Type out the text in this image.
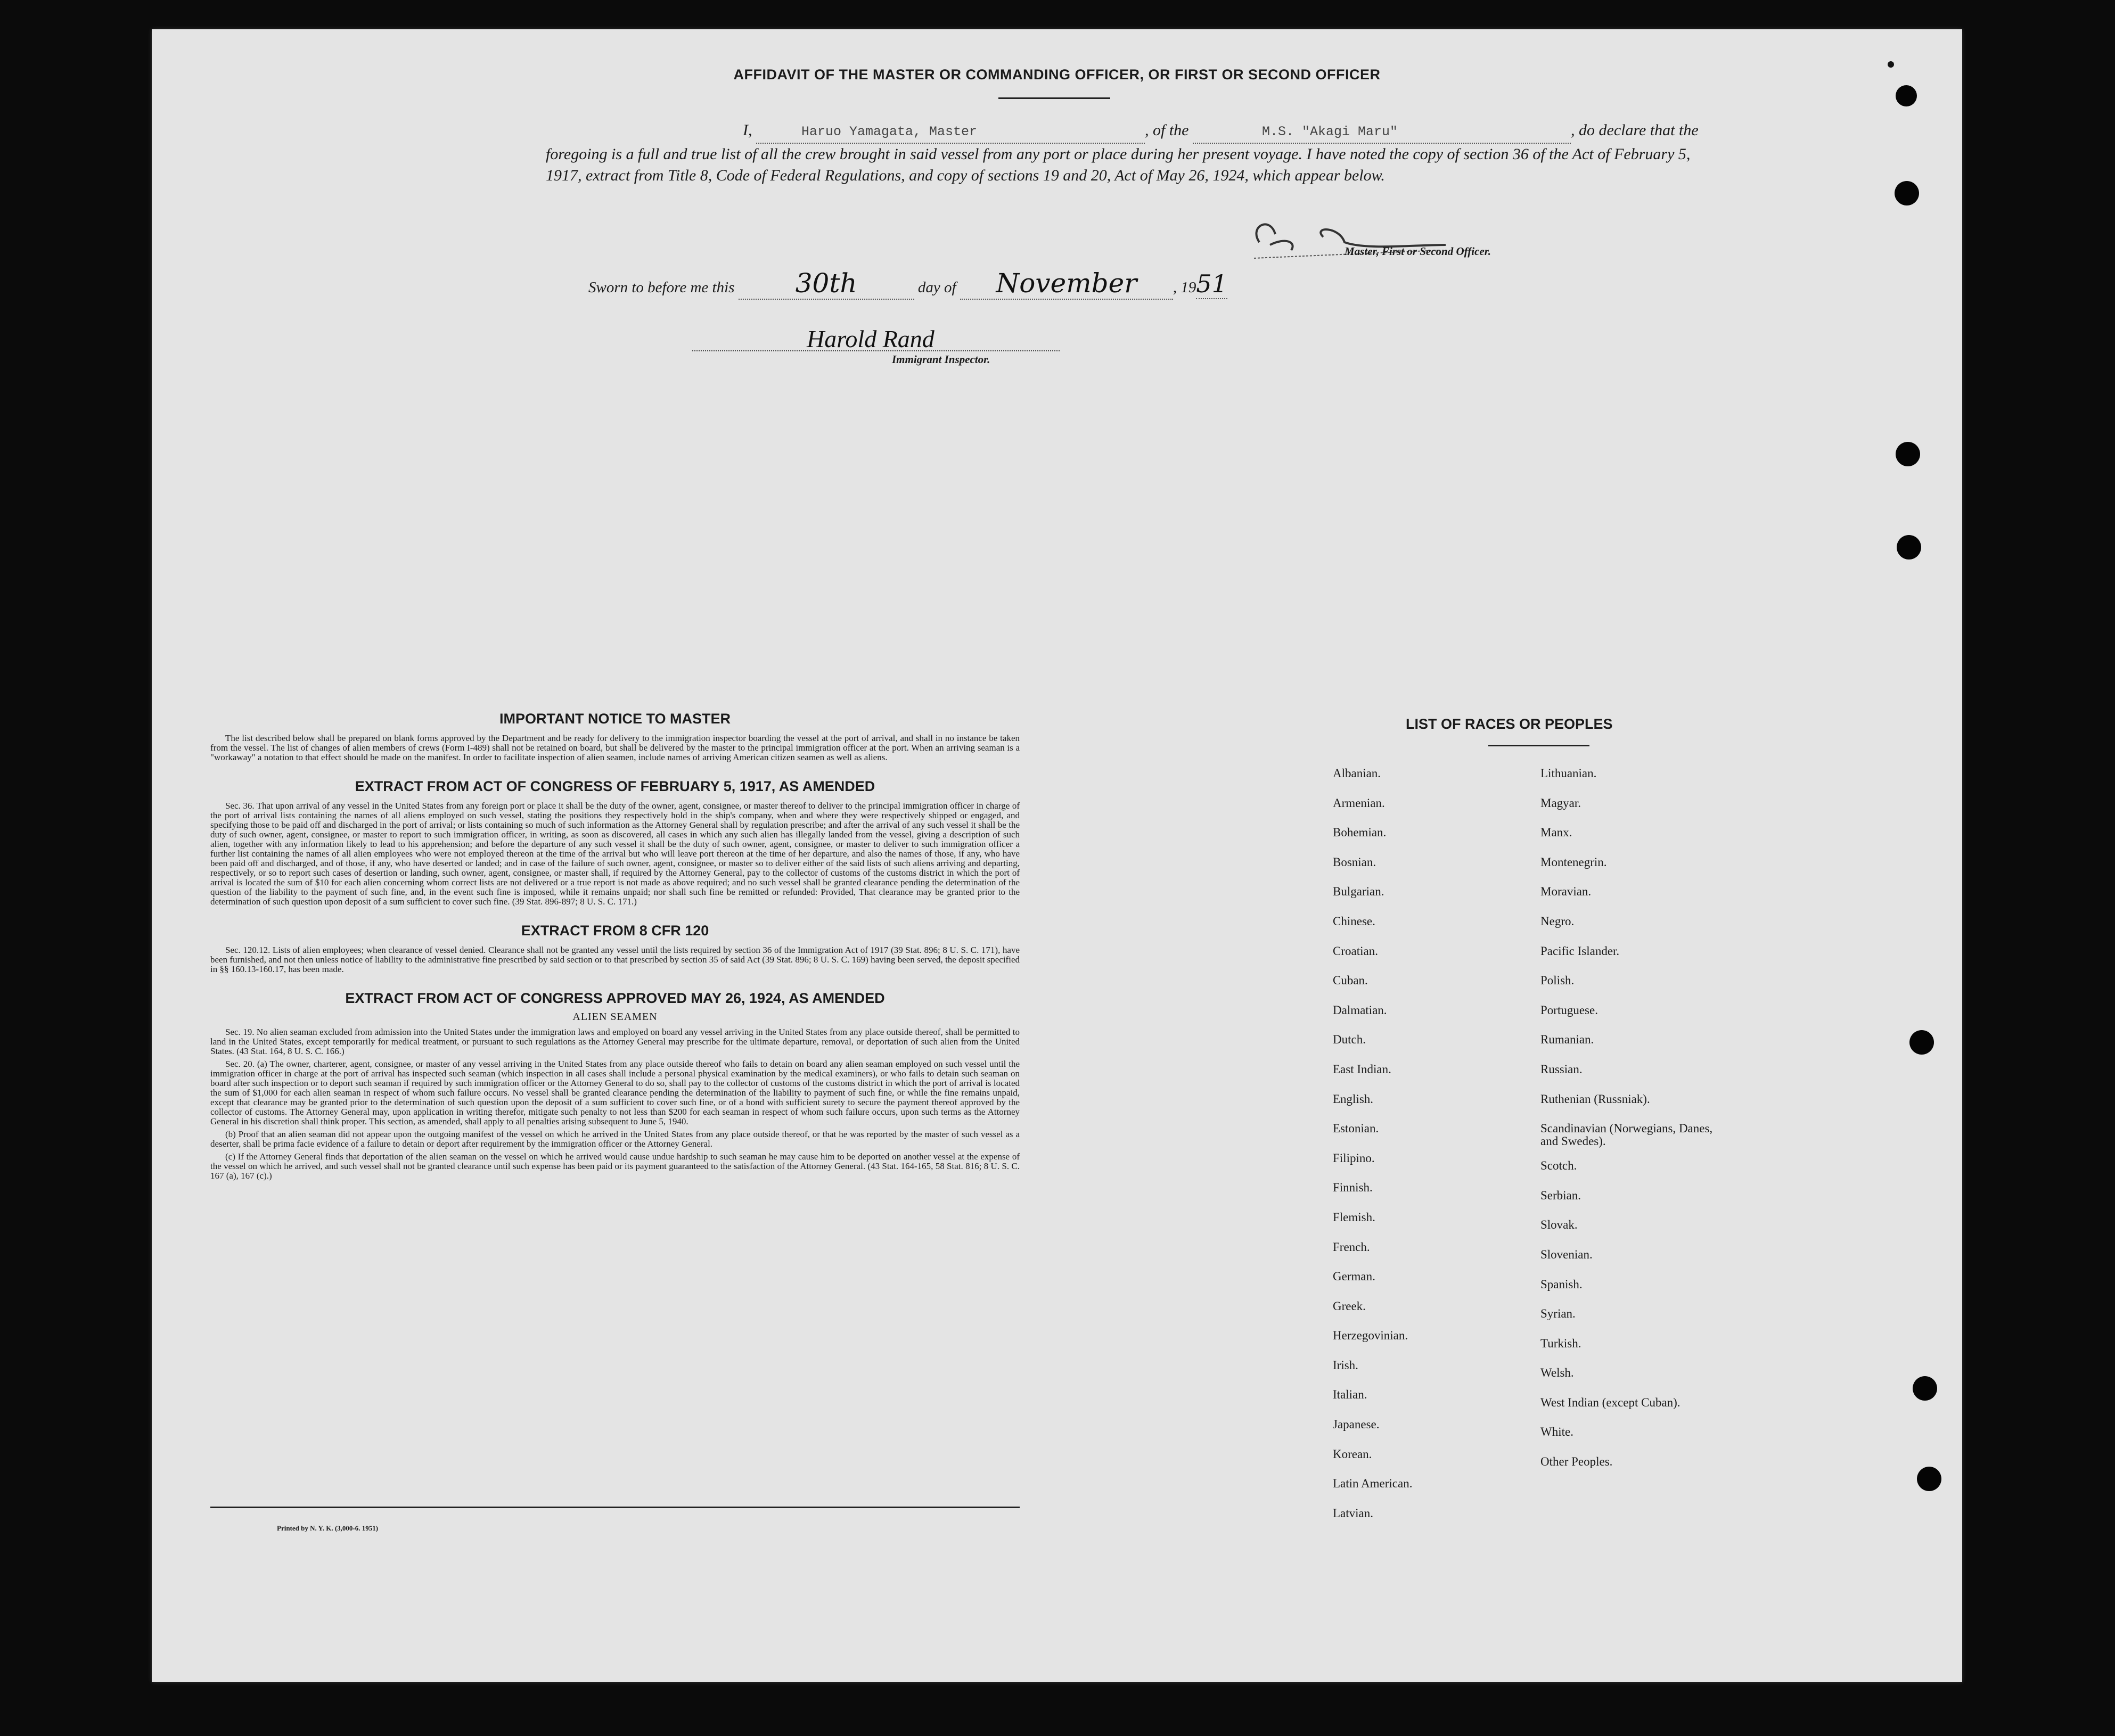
AFFIDAVIT OF THE MASTER OR COMMANDING OFFICER, OR FIRST OR SECOND OFFICER
I,	Haruo Yamagata, Master	, of the	M.S. "Akagi Maru"	, do declare that the foregoing is a full and true list of all the crew brought in said vessel from any port or place during her present voyage. I have noted the copy of section 36 of the Act of February 5, 1917, extract from Title 8, Code of Federal Regulations, and copy of sections 19 and 20, Act of May 26, 1924, which appear below.
Master, First or Second Officer.
Sworn to before me this 30th	day of November , 1951
Harold Rand
Immigrant Inspector.
IMPORTANT NOTICE TO MASTER

The list described below shall be prepared on blank forms approved by the Department and be ready for delivery to the immigration inspector boarding the vessel at the port of arrival, and shall in no instance be taken from the vessel. The list of changes of alien members of crews (Form I-489) shall not be retained on board, but shall be delivered by the master to the principal immigration officer at the port. When an arriving seaman is a "workaway" a notation to that effect should be made on the manifest. In order to facilitate inspection of alien seamen, include names of arriving American citizen seamen as well as aliens.

EXTRACT FROM ACT OF CONGRESS OF FEBRUARY 5, 1917, AS AMENDED

Sec. 36. That upon arrival of any vessel in the United States from any foreign port or place it shall be the duty of the owner, agent, consignee, or master thereof to deliver to the principal immigration officer in charge of the port of arrival lists containing the names of all aliens employed on such vessel, stating the positions they respectively hold in the ship's company, when and where they were respectively shipped or engaged, and specifying those to be paid off and discharged in the port of arrival; or lists containing so much of such information as the Attorney General shall by regulation prescribe; and after the arrival of any such vessel it shall be the duty of such owner, agent, consignee, or master to report to such immigration officer, in writing, as soon as discovered, all cases in which any such alien has illegally landed from the vessel, giving a description of such alien, together with any information likely to lead to his apprehension; and before the departure of any such vessel it shall be the duty of such owner, agent, consignee, or master to deliver to such immigration officer a further list containing the names of all alien employees who were not employed thereon at the time of the arrival but who will leave port thereon at the time of her departure, and also the names of those, if any, who have been paid off and discharged, and of those, if any, who have deserted or landed; and in case of the failure of such owner, agent, consignee, or master so to deliver either of the said lists of such aliens arriving and departing, respectively, or so to report such cases of desertion or landing, such owner, agent, consignee, or master shall, if required by the Attorney General, pay to the collector of customs of the customs district in which the port of arrival is located the sum of $10 for each alien concerning whom correct lists are not delivered or a true report is not made as above required; and no such vessel shall be granted clearance pending the determination of the question of the liability to the payment of such fine, and, in the event such fine is imposed, while it remains unpaid; nor shall such fine be remitted or refunded: Provided, That clearance may be granted prior to the determination of such question upon deposit of a sum sufficient to cover such fine. (39 Stat. 896-897; 8 U. S. C. 171.)

EXTRACT FROM 8 CFR 120

Sec. 120.12. Lists of alien employees; when clearance of vessel denied. Clearance shall not be granted any vessel until the lists required by section 36 of the Immigration Act of 1917 (39 Stat. 896; 8 U. S. C. 171), have been furnished, and not then unless notice of liability to the administrative fine prescribed by said section or to that prescribed by section 35 of said Act (39 Stat. 896; 8 U. S. C. 169) having been served, the deposit specified in §§ 160.13-160.17, has been made.

EXTRACT FROM ACT OF CONGRESS APPROVED MAY 26, 1924, AS AMENDED
ALIEN SEAMEN

Sec. 19. No alien seaman excluded from admission into the United States under the immigration laws and employed on board any vessel arriving in the United States from any place outside thereof, shall be permitted to land in the United States, except temporarily for medical treatment, or pursuant to such regulations as the Attorney General may prescribe for the ultimate departure, removal, or deportation of such alien from the United States. (43 Stat. 164, 8 U. S. C. 166.)

Sec. 20. (a) The owner, charterer, agent, consignee, or master of any vessel arriving in the United States from any place outside thereof who fails to detain on board any alien seaman employed on such vessel until the immigration officer in charge at the port of arrival has inspected such seaman (which inspection in all cases shall include a personal physical examination by the medical examiners), or who fails to detain such seaman on board after such inspection or to deport such seaman if required by such immigration officer or the Attorney General to do so, shall pay to the collector of customs of the customs district in which the port of arrival is located the sum of $1,000 for each alien seaman in respect of whom such failure occurs. No vessel shall be granted clearance pending the determination of the liability to payment of such fine, or while the fine remains unpaid, except that clearance may be granted prior to the determination of such question upon the deposit of a sum sufficient to cover such fine, or of a bond with sufficient surety to secure the payment thereof approved by the collector of customs. The Attorney General may, upon application in writing therefor, mitigate such penalty to not less than $200 for each seaman in respect of whom such failure occurs, upon such terms as the Attorney General in his discretion shall think proper. This section, as amended, shall apply to all penalties arising subsequent to June 5, 1940.

(b) Proof that an alien seaman did not appear upon the outgoing manifest of the vessel on which he arrived in the United States from any place outside thereof, or that he was reported by the master of such vessel as a deserter, shall be prima facie evidence of a failure to detain or deport after requirement by the immigration officer or the Attorney General.

(c) If the Attorney General finds that deportation of the alien seaman on the vessel on which he arrived would cause undue hardship to such seaman he may cause him to be deported on another vessel at the expense of the vessel on which he arrived, and such vessel shall not be granted clearance until such expense has been paid or its payment guaranteed to the satisfaction of the Attorney General. (43 Stat. 164-165, 58 Stat. 816; 8 U. S. C. 167 (a), 167 (c).)

Printed by N. Y. K. (3,000-6. 1951)
LIST OF RACES OR PEOPLES
Albanian.
Armenian.
Bohemian.
Bosnian.
Bulgarian.
Chinese.
Croatian.
Cuban.
Dalmatian.
Dutch.
East Indian.
English.
Estonian.
Filipino.
Finnish.
Flemish.
French.
German.
Greek.
Herzegovinian.
Irish.
Italian.
Japanese.
Korean.
Latin American.
Latvian.
Lithuanian.
Magyar.
Manx.
Montenegrin.
Moravian.
Negro.
Pacific Islander.
Polish.
Portuguese.
Rumanian.
Russian.
Ruthenian (Russniak).
Scandinavian (Norwegians, Danes, and Swedes).
Scotch.
Serbian.
Slovak.
Slovenian.
Spanish.
Syrian.
Turkish.
Welsh.
West Indian (except Cuban).
White.
Other Peoples.
